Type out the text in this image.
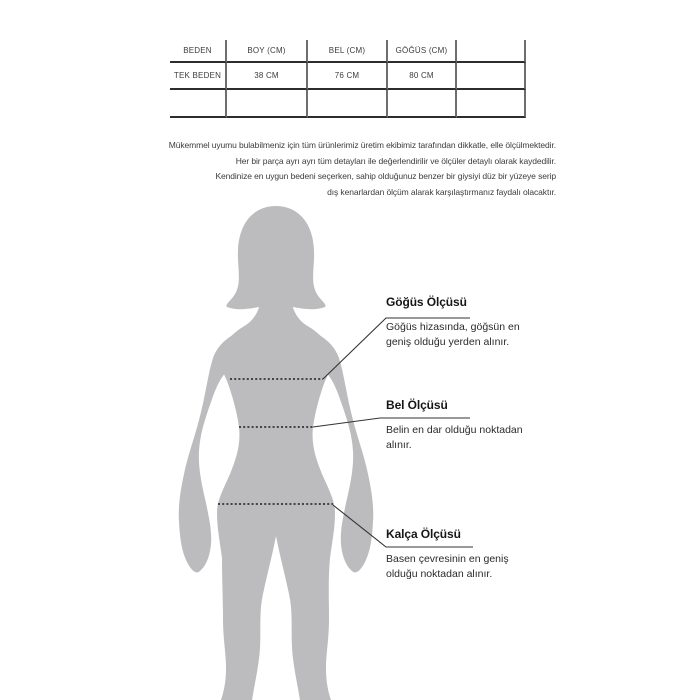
BEDEN	BOY (CM)	BEL (CM)	GÖĞÜS (CM)
TEK BEDEN	38 CM	76 CM	80 CM
Mükemmel uyumu bulabilmeniz için tüm ürünlerimiz üretim ekibimiz tarafından dikkatle, elle ölçülmektedir.
Her bir parça ayrı ayrı tüm detayları ile değerlendirilir ve ölçüler detaylı olarak kaydedilir.
Kendinize en uygun bedeni seçerken, sahip olduğunuz benzer bir giysiyi düz bir yüzeye serip
dış kenarlardan ölçüm alarak karşılaştırmanız faydalı olacaktır.
Göğüs Ölçüsü
Göğüs hizasında, göğsün en
geniş olduğu yerden alınır.
Bel Ölçüsü
Belin en dar olduğu noktadan
alınır.
Kalça Ölçüsü
Basen çevresinin en geniş
olduğu noktadan alınır.
